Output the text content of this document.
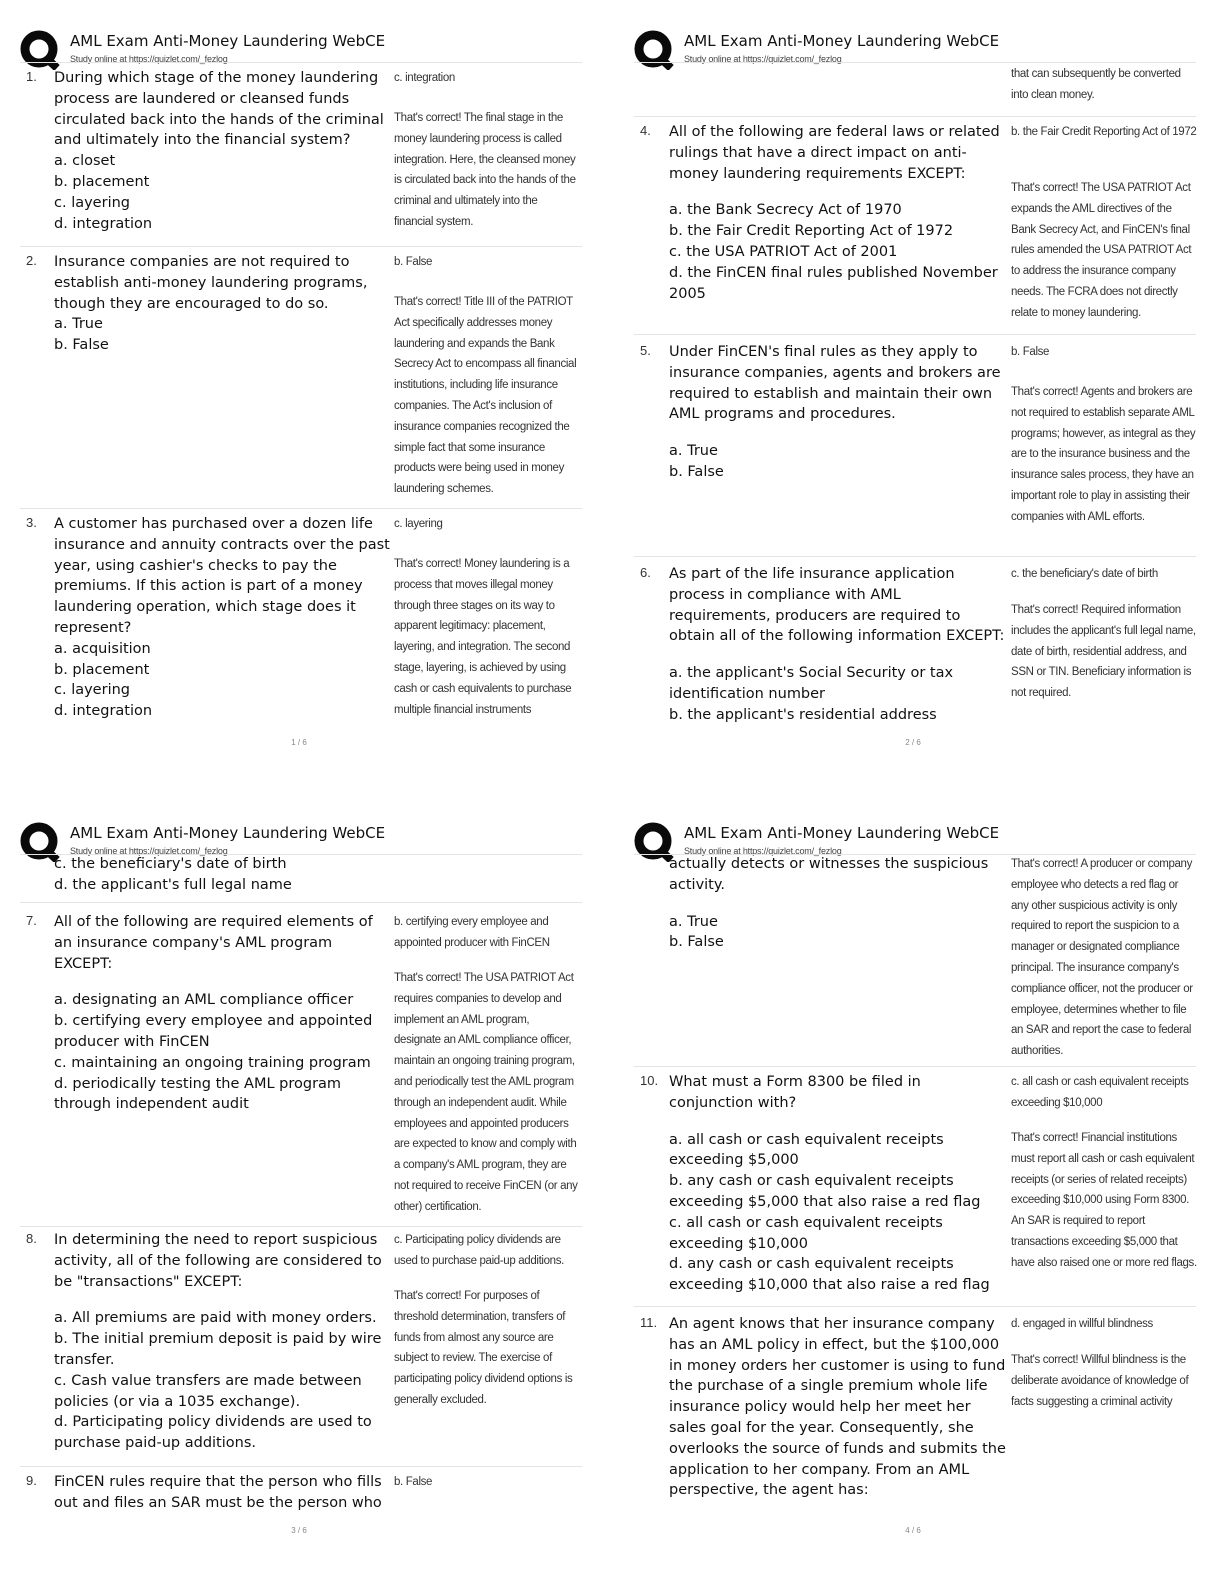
AML Exam Anti-Money Laundering WebCE
Study online at https://quizlet.com/_fezlog
1. During which stage of the money laundering process are laundered or cleansed funds circulated back into the hands of the criminal and ultimately into the financial system?
a. closet
b. placement
c. layering
d. integration
c. integration
That's correct! The final stage in the money laundering process is called integration. Here, the cleansed money is circulated back into the hands of the criminal and ultimately into the financial system.
2. Insurance companies are not required to establish anti-money laundering programs, though they are encouraged to do so.
a. True
b. False
b. False
That's correct! Title III of the PATRIOT Act specifically addresses money laundering and expands the Bank Secrecy Act to encompass all financial institutions, including life insurance companies. The Act's inclusion of insurance companies recognized the simple fact that some insurance products were being used in money laundering schemes.
3. A customer has purchased over a dozen life insurance and annuity contracts over the past year, using cashier's checks to pay the premiums. If this action is part of a money laundering operation, which stage does it represent?
a. acquisition
b. placement
c. layering
d. integration
c. layering
That's correct! Money laundering is a process that moves illegal money through three stages on its way to apparent legitimacy: placement, layering, and integration. The second stage, layering, is achieved by using cash or cash equivalents to purchase multiple financial instruments
1 / 6
AML Exam Anti-Money Laundering WebCE
Study online at https://quizlet.com/_fezlog
that can subsequently be converted into clean money.
4. All of the following are federal laws or related rulings that have a direct impact on anti-money laundering requirements EXCEPT:
a. the Bank Secrecy Act of 1970
b. the Fair Credit Reporting Act of 1972
c. the USA PATRIOT Act of 2001
d. the FinCEN final rules published November 2005
b. the Fair Credit Reporting Act of 1972
That's correct! The USA PATRIOT Act expands the AML directives of the Bank Secrecy Act, and FinCEN's final rules amended the USA PATRIOT Act to address the insurance company needs. The FCRA does not directly relate to money laundering.
5. Under FinCEN's final rules as they apply to insurance companies, agents and brokers are required to establish and maintain their own AML programs and procedures.
a. True
b. False
b. False
That's correct! Agents and brokers are not required to establish separate AML programs; however, as integral as they are to the insurance business and the insurance sales process, they have an important role to play in assisting their companies with AML efforts.
6. As part of the life insurance application process in compliance with AML requirements, producers are required to obtain all of the following information EXCEPT:
a. the applicant's Social Security or tax identification number
b. the applicant's residential address
c. the beneficiary's date of birth
That's correct! Required information includes the applicant's full legal name, date of birth, residential address, and SSN or TIN. Beneficiary information is not required.
2 / 6
AML Exam Anti-Money Laundering WebCE
Study online at https://quizlet.com/_fezlog
c. the beneficiary's date of birth
d. the applicant's full legal name
7. All of the following are required elements of an insurance company's AML program EXCEPT:
a. designating an AML compliance officer
b. certifying every employee and appointed producer with FinCEN
c. maintaining an ongoing training program
d. periodically testing the AML program through independent audit
b. certifying every employee and appointed producer with FinCEN
That's correct! The USA PATRIOT Act requires companies to develop and implement an AML program, designate an AML compliance officer, maintain an ongoing training program, and periodically test the AML program through an independent audit. While employees and appointed producers are expected to know and comply with a company's AML program, they are not required to receive FinCEN (or any other) certification.
8. In determining the need to report suspicious activity, all of the following are considered to be "transactions" EXCEPT:
a. All premiums are paid with money orders.
b. The initial premium deposit is paid by wire transfer.
c. Cash value transfers are made between policies (or via a 1035 exchange).
d. Participating policy dividends are used to purchase paid-up additions.
c. Participating policy dividends are used to purchase paid-up additions.
That's correct! For purposes of threshold determination, transfers of funds from almost any source are subject to review. The exercise of participating policy dividend options is generally excluded.
9. FinCEN rules require that the person who fills out and files an SAR must be the person who
b. False
3 / 6
AML Exam Anti-Money Laundering WebCE
Study online at https://quizlet.com/_fezlog
actually detects or witnesses the suspicious activity.
a. True
b. False
That's correct! A producer or company employee who detects a red flag or any other suspicious activity is only required to report the suspicion to a manager or designated compliance principal. The insurance company's compliance officer, not the producer or employee, determines whether to file an SAR and report the case to federal authorities.
10. What must a Form 8300 be filed in conjunction with?
a. all cash or cash equivalent receipts exceeding $5,000
b. any cash or cash equivalent receipts exceeding $5,000 that also raise a red flag
c. all cash or cash equivalent receipts exceeding $10,000
d. any cash or cash equivalent receipts exceeding $10,000 that also raise a red flag
c. all cash or cash equivalent receipts exceeding $10,000
That's correct! Financial institutions must report all cash or cash equivalent receipts (or series of related receipts) exceeding $10,000 using Form 8300. An SAR is required to report transactions exceeding $5,000 that have also raised one or more red flags.
11. An agent knows that her insurance company has an AML policy in effect, but the $100,000 in money orders her customer is using to fund the purchase of a single premium whole life insurance policy would help her meet her sales goal for the year. Consequently, she overlooks the source of funds and submits the application to her company. From an AML perspective, the agent has:
d. engaged in willful blindness
That's correct! Willful blindness is the deliberate avoidance of knowledge of facts suggesting a criminal activity
4 / 6
